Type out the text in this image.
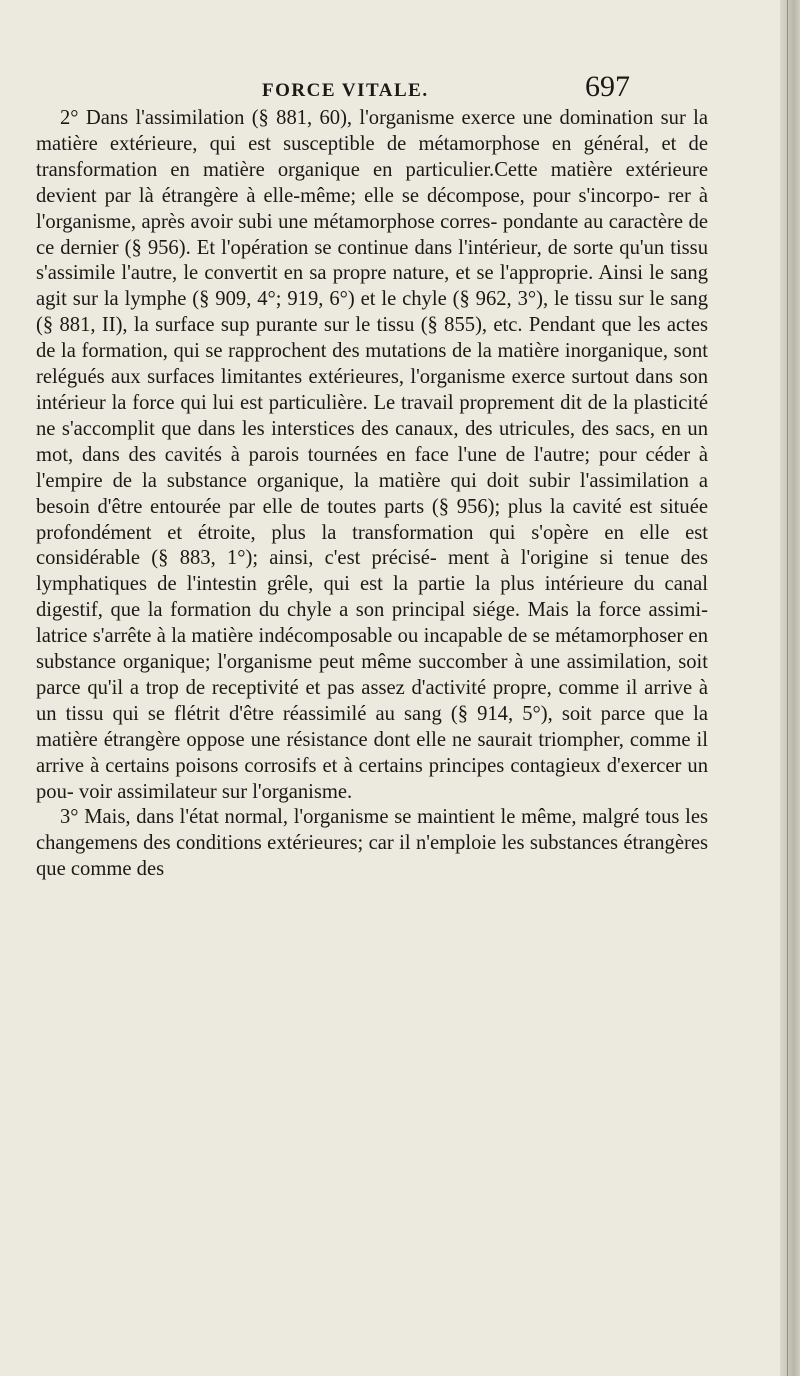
FORCE VITALE.	697

2° Dans l'assimilation (§ 881, 60), l'organisme exerce une domination sur la matière extérieure, qui est susceptible de métamorphose en général, et de transformation en matière organique en particulier.Cette matière extérieure devient par là étrangère à elle-même; elle se décompose, pour s'incorpo- rer à l'organisme, après avoir subi une métamorphose corres- pondante au caractère de ce dernier (§ 956). Et l'opération se continue dans l'intérieur, de sorte qu'un tissu s'assimile l'autre, le convertit en sa propre nature, et se l'approprie. Ainsi le sang agit sur la lymphe (§ 909, 4°; 919, 6°) et le chyle (§ 962, 3°), le tissu sur le sang (§ 881, II), la surface sup purante sur le tissu (§ 855), etc. Pendant que les actes de la formation, qui se rapprochent des mutations de la matière inorganique, sont relégués aux surfaces limitantes extérieures, l'organisme exerce surtout dans son intérieur la force qui lui est particulière. Le travail proprement dit de la plasticité ne s'accomplit que dans les interstices des canaux, des utricules, des sacs, en un mot, dans des cavités à parois tournées en face l'une de l'autre; pour céder à l'empire de la substance organique, la matière qui doit subir l'assimilation a besoin d'être entourée par elle de toutes parts (§ 956); plus la cavité est située profondément et étroite, plus la transformation qui s'opère en elle est considérable (§ 883, 1°); ainsi, c'est précisé- ment à l'origine si tenue des lymphatiques de l'intestin grêle, qui est la partie la plus intérieure du canal digestif, que la formation du chyle a son principal siége. Mais la force assimi- latrice s'arrête à la matière indécomposable ou incapable de se métamorphoser en substance organique; l'organisme peut même succomber à une assimilation, soit parce qu'il a trop de receptivité et pas assez d'activité propre, comme il arrive à un tissu qui se flétrit d'être réassimilé au sang (§ 914, 5°), soit parce que la matière étrangère oppose une résistance dont elle ne saurait triompher, comme il arrive à certains poisons corrosifs et à certains principes contagieux d'exercer un pou- voir assimilateur sur l'organisme.

3° Mais, dans l'état normal, l'organisme se maintient le même, malgré tous les changemens des conditions extérieures; car il n'emploie les substances étrangères que comme des
